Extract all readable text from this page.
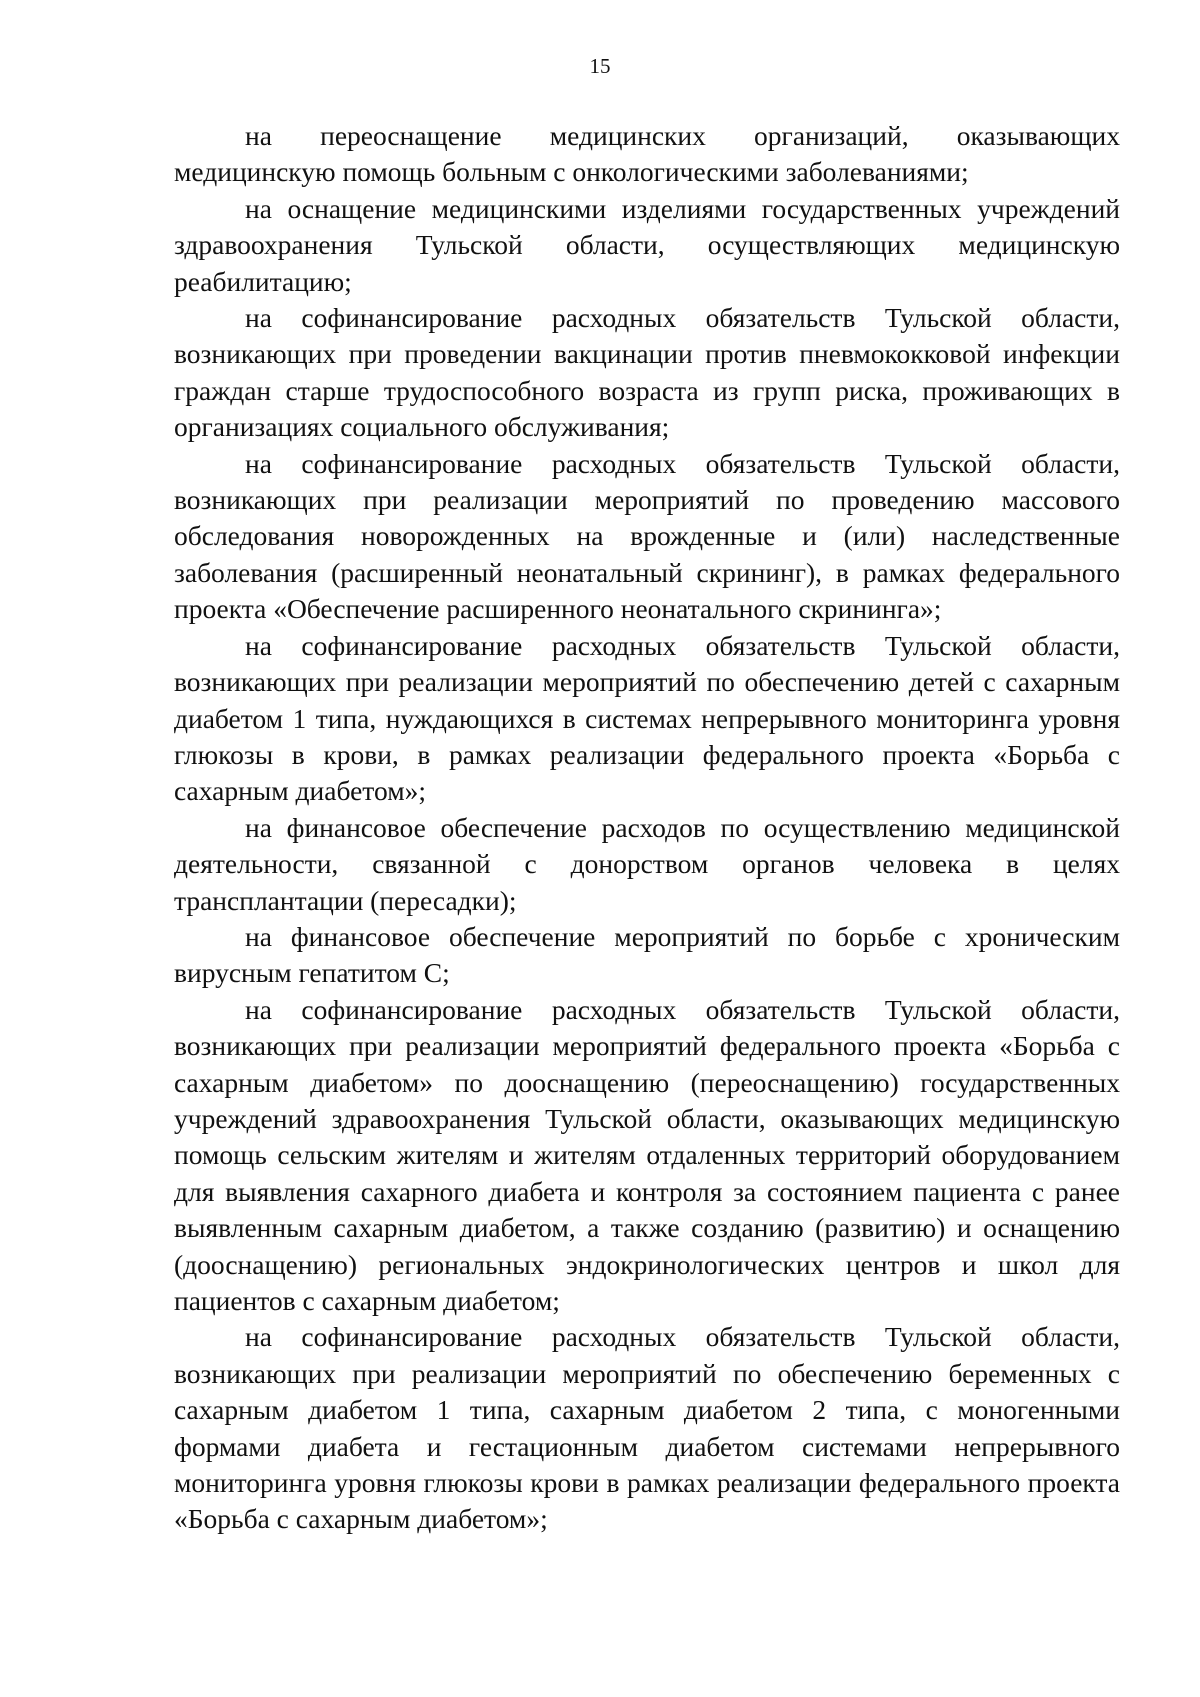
15

на переоснащение медицинских организаций, оказывающих медицинскую помощь больным с онкологическими заболеваниями;

на оснащение медицинскими изделиями государственных учреждений здравоохранения Тульской области, осуществляющих медицинскую реабилитацию;

на софинансирование расходных обязательств Тульской области, возникающих при проведении вакцинации против пневмококковой инфекции граждан старше трудоспособного возраста из групп риска, проживающих в организациях социального обслуживания;

на софинансирование расходных обязательств Тульской области, возникающих при реализации мероприятий по проведению массового обследования новорожденных на врожденные и (или) наследственные заболевания (расширенный неонатальный скрининг), в рамках федерального проекта «Обеспечение расширенного неонатального скрининга»;

на софинансирование расходных обязательств Тульской области, возникающих при реализации мероприятий по обеспечению детей с сахарным диабетом 1 типа, нуждающихся в системах непрерывного мониторинга уровня глюкозы в крови, в рамках реализации федерального проекта «Борьба с сахарным диабетом»;

на финансовое обеспечение расходов по осуществлению медицинской деятельности, связанной с донорством органов человека в целях трансплантации (пересадки);

на финансовое обеспечение мероприятий по борьбе с хроническим вирусным гепатитом С;

на софинансирование расходных обязательств Тульской области, возникающих при реализации мероприятий федерального проекта «Борьба с сахарным диабетом» по дооснащению (переоснащению) государственных учреждений здравоохранения Тульской области, оказывающих медицинскую помощь сельским жителям и жителям отдаленных территорий оборудованием для выявления сахарного диабета и контроля за состоянием пациента с ранее выявленным сахарным диабетом, а также созданию (развитию) и оснащению (дооснащению) региональных эндокринологических центров и школ для пациентов с сахарным диабетом;

на софинансирование расходных обязательств Тульской области, возникающих при реализации мероприятий по обеспечению беременных с сахарным диабетом 1 типа, сахарным диабетом 2 типа, с моногенными формами диабета и гестационным диабетом системами непрерывного мониторинга уровня глюкозы крови в рамках реализации федерального проекта «Борьба с сахарным диабетом»;
